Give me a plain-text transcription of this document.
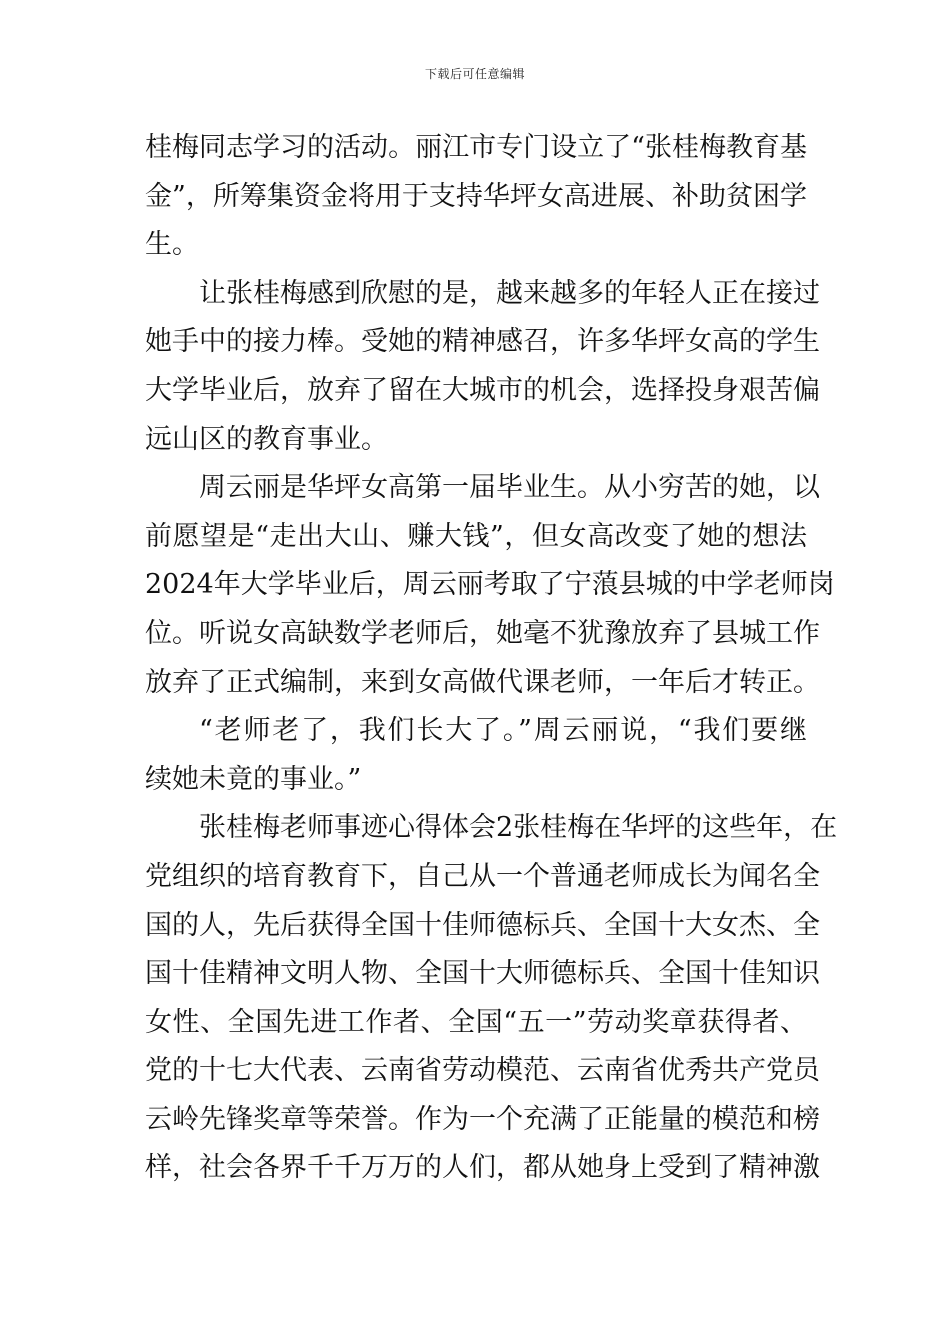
下载后可任意编辑
桂梅同志学习的活动。丽江市专门设立了“张桂梅教育基
金”，所筹集资金将用于支持华坪女高进展、补助贫困学
生。
让张桂梅感到欣慰的是，越来越多的年轻人正在接过
她手中的接力棒。受她的精神感召，许多华坪女高的学生
大学毕业后，放弃了留在大城市的机会，选择投身艰苦偏
远山区的教育事业。
周云丽是华坪女高第一届毕业生。从小穷苦的她，以
前愿望是“走出大山、赚大钱”，但女高改变了她的想法
2024年大学毕业后，周云丽考取了宁蒗县城的中学老师岗
位。听说女高缺数学老师后，她毫不犹豫放弃了县城工作
放弃了正式编制，来到女高做代课老师，一年后才转正。
“老师老了，我们长大了。”周云丽说，“我们要继
续她未竟的事业。”
张桂梅老师事迹心得体会2张桂梅在华坪的这些年，在
党组织的培育教育下，自己从一个普通老师成长为闻名全
国的人，先后获得全国十佳师德标兵、全国十大女杰、全
国十佳精神文明人物、全国十大师德标兵、全国十佳知识
女性、全国先进工作者、全国“五一”劳动奖章获得者、
党的十七大代表、云南省劳动模范、云南省优秀共产党员
云岭先锋奖章等荣誉。作为一个充满了正能量的模范和榜
样，社会各界千千万万的人们，都从她身上受到了精神激
